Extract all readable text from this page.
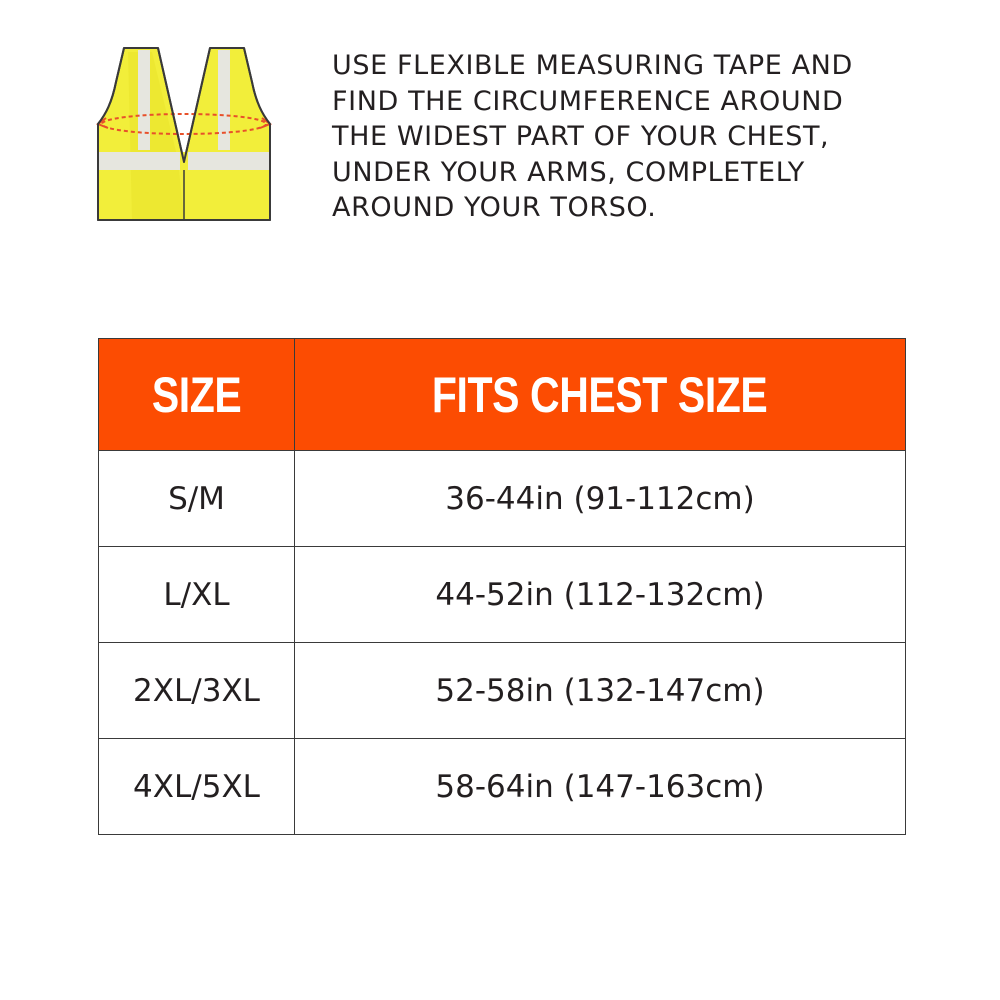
USE FLEXIBLE MEASURING TAPE AND
FIND THE CIRCUMFERENCE AROUND
THE WIDEST PART OF YOUR CHEST,
UNDER YOUR ARMS, COMPLETELY
AROUND YOUR TORSO.

SIZE	FITS CHEST SIZE
S/M	36-44in (91-112cm)
L/XL	44-52in (112-132cm)
2XL/3XL	52-58in (132-147cm)
4XL/5XL	58-64in (147-163cm)
